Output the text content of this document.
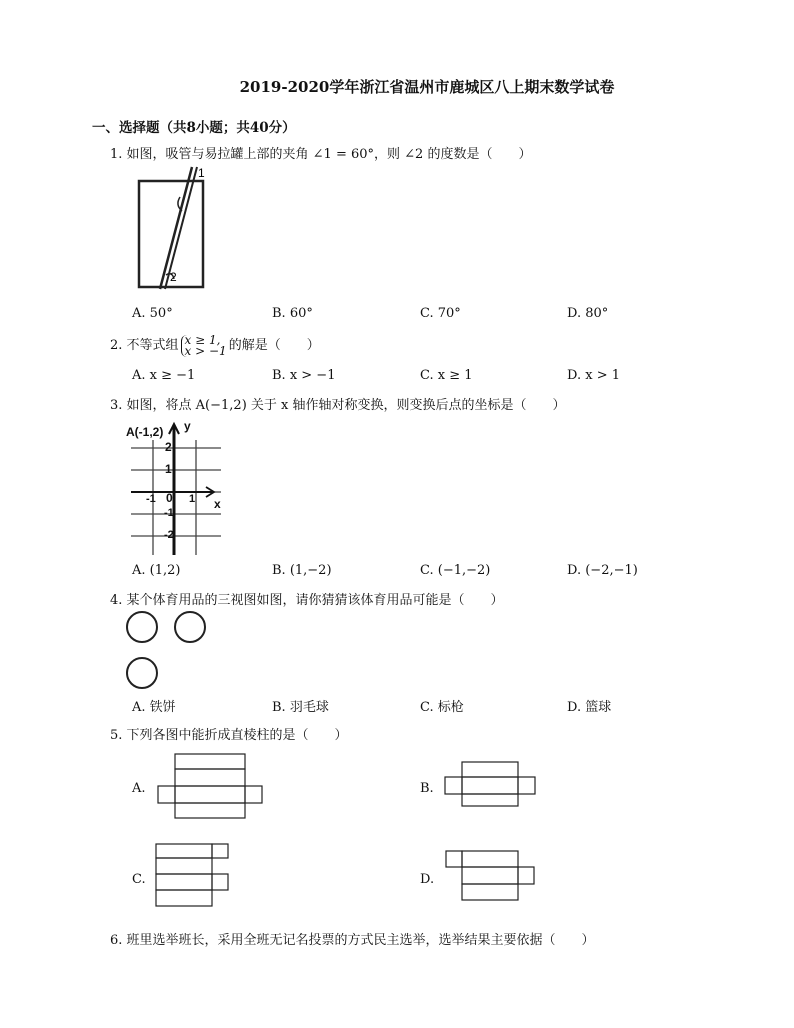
2019-2020学年浙江省温州市鹿城区八上期末数学试卷
一、选择题（共8小题；共40分）
1. 如图，吸管与易拉罐上部的夹角 ∠1 = 60°，则 ∠2 的度数是（　　）
1
2
A. 50°	B. 60°	C. 70°	D. 80°
2. 不等式组 x ≥ 1,
x > −1 的解是（　　）
A. x ≥ −1	B. x > −1	C. x ≥ 1	D. x > 1
3. 如图，将点 A(−1,2) 关于 x 轴作轴对称变换，则变换后点的坐标是（　　）
A(-1,2) y
x
0
2
1
-1	1
-1
-2
A. (1,2)	B. (1,−2)	C. (−1,−2)	D. (−2,−1)
4. 某个体育用品的三视图如图，请你猜猜该体育用品可能是（　　）
A. 铁饼	B. 羽毛球	C. 标枪	D. 篮球
5. 下列各图中能折成直棱柱的是（　　）
A.	B.
C.	D.
6. 班里选举班长，采用全班无记名投票的方式民主选举，选举结果主要依据（　　）
